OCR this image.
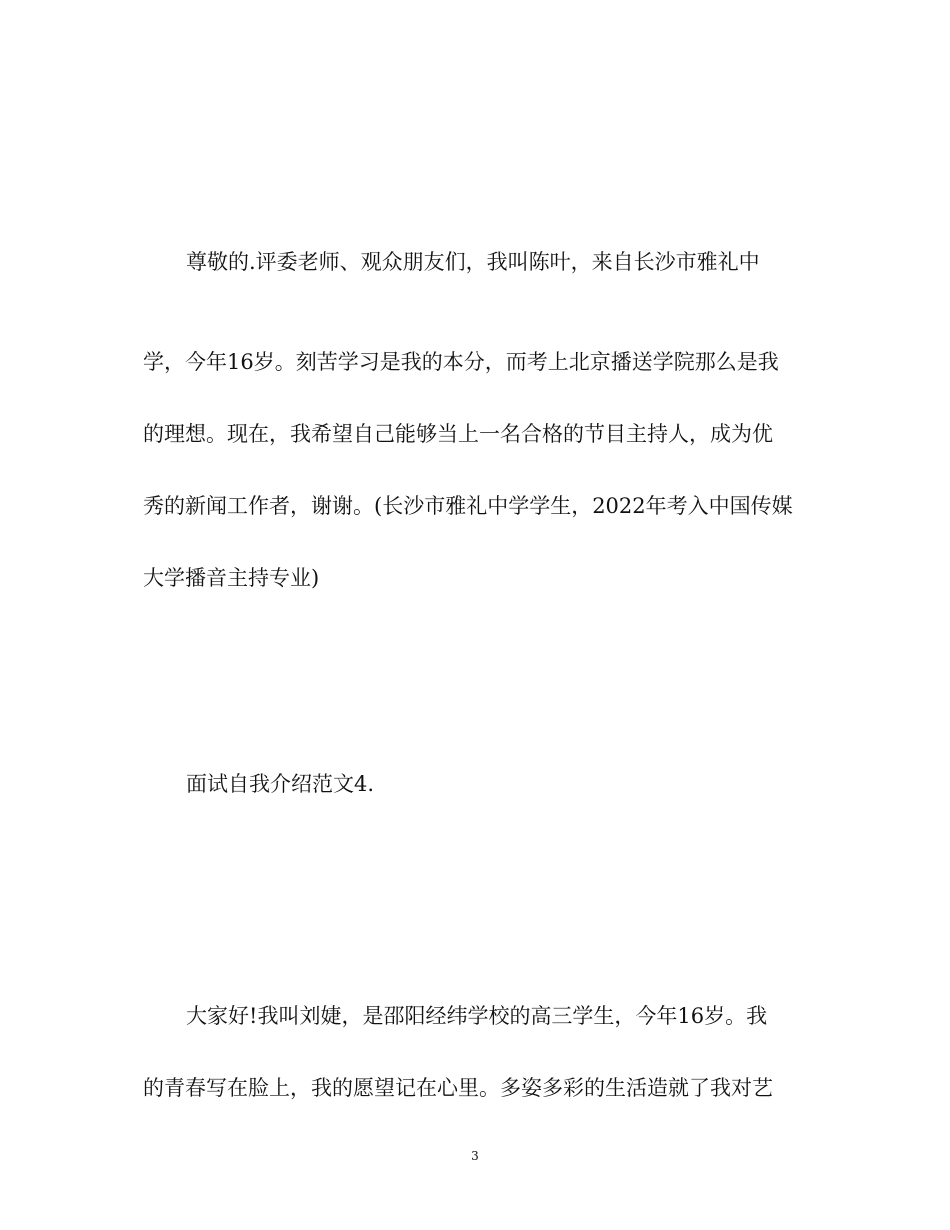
尊敬的.评委老师、观众朋友们，我叫陈叶，来自长沙市雅礼中
学，今年16岁。刻苦学习是我的本分，而考上北京播送学院那么是我
的理想。现在，我希望自己能够当上一名合格的节目主持人，成为优
秀的新闻工作者，谢谢。(长沙市雅礼中学学生，2022年考入中国传媒
大学播音主持专业)
面试自我介绍范文4.
大家好!我叫刘婕，是邵阳经纬学校的高三学生，今年16岁。我
的青春写在脸上，我的愿望记在心里。多姿多彩的生活造就了我对艺
3
